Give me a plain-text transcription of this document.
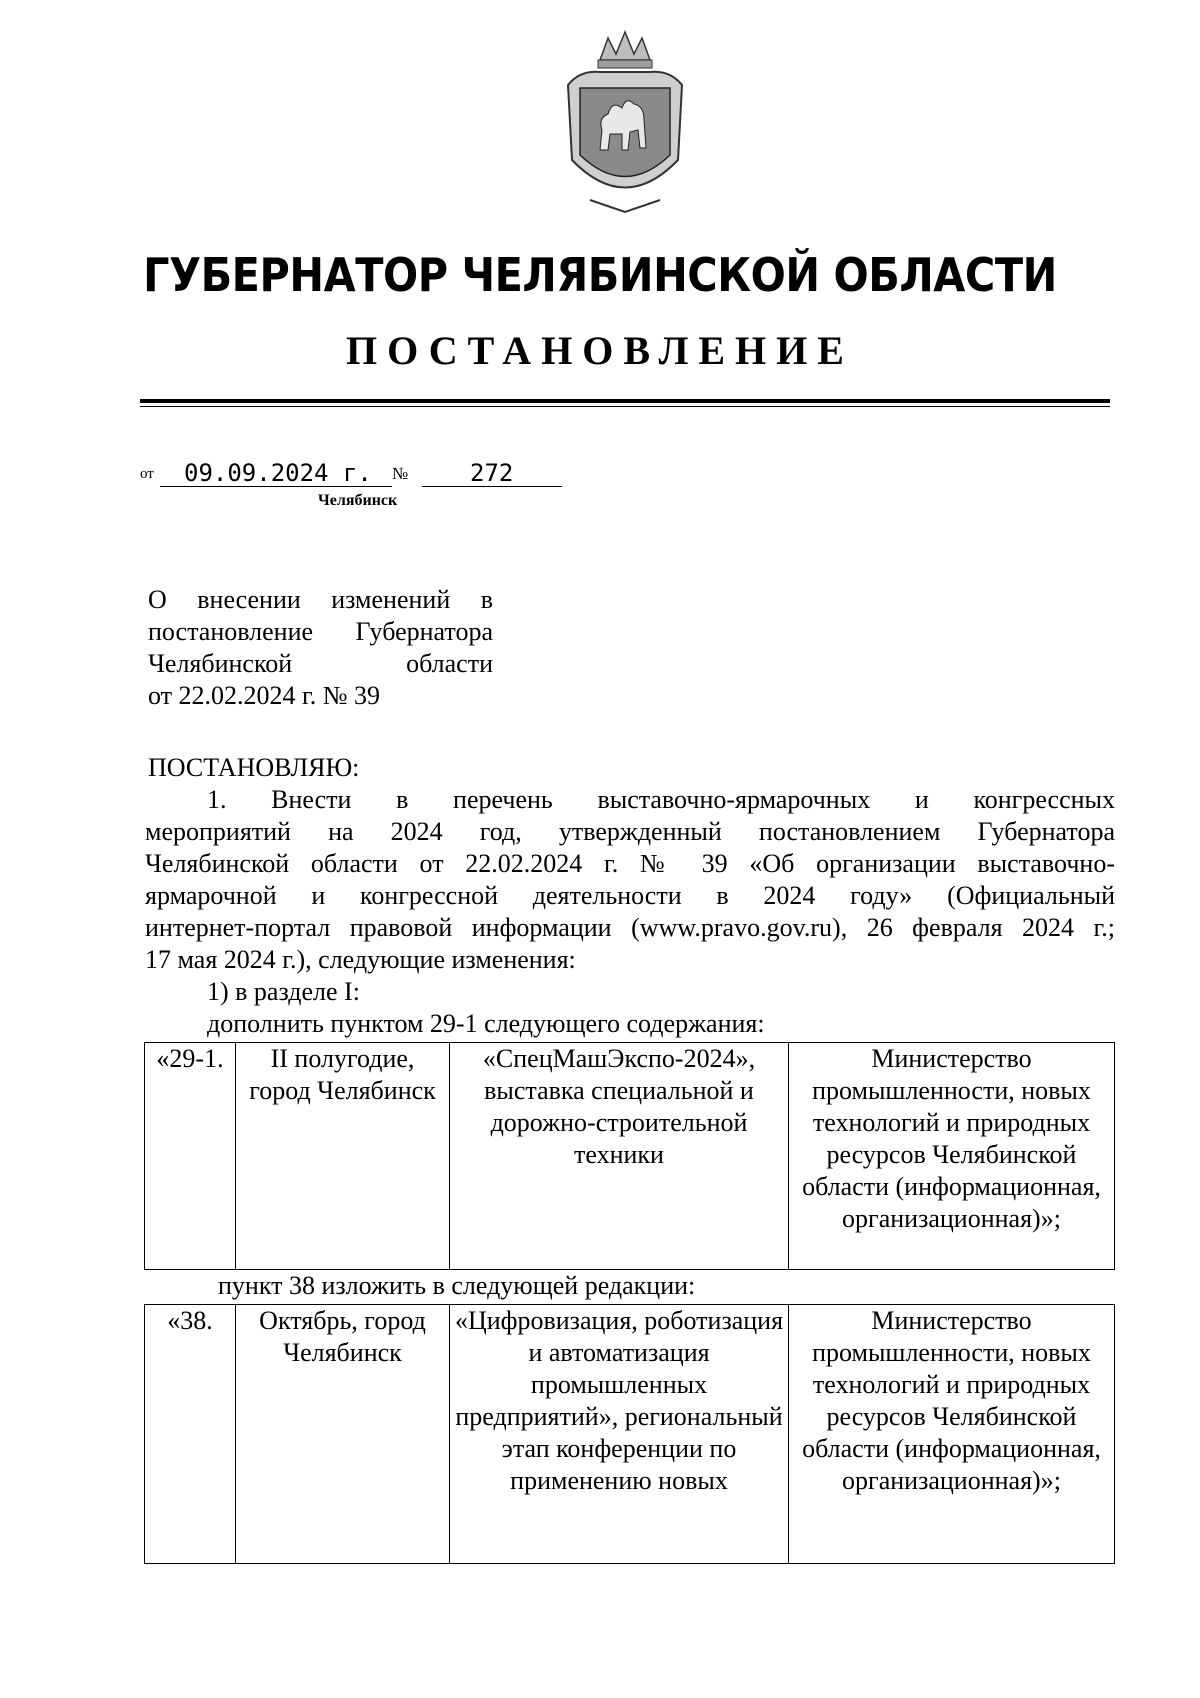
ГУБЕРНАТОР ЧЕЛЯБИНСКОЙ ОБЛАСТИ
ПОСТАНОВЛЕНИЕ
от	09.09.2024 г.	№	272
Челябинск
О внесении изменений в
постановление Губернатора
Челябинской области
от 22.02.2024 г. № 39
ПОСТАНОВЛЯЮ:
1. Внести в перечень выставочно-ярмарочных и конгрессных
мероприятий на 2024 год, утвержденный постановлением Губернатора
Челябинской области от 22.02.2024 г. № 39 «Об организации выставочно-
ярмарочной и конгрессной деятельности в 2024 году» (Официальный
интернет-портал правовой информации (www.pravo.gov.ru), 26 февраля 2024 г.;
17 мая 2024 г.), следующие изменения:
1) в разделе I:
дополнить пунктом 29-1 следующего содержания:
«29-1.	II полугодие, город Челябинск	«СпецМашЭкспо-2024», выставка специальной и дорожно-строительной техники	Министерство промышленности, новых технологий и природных ресурсов Челябинской области (информационная, организационная)»;
пункт 38 изложить в следующей редакции:
«38.	Октябрь, город Челябинск	«Цифровизация, роботизация и автоматизация промышленных предприятий», региональный этап конференции по применению новых	Министерство промышленности, новых технологий и природных ресурсов Челябинской области (информационная, организационная)»;
